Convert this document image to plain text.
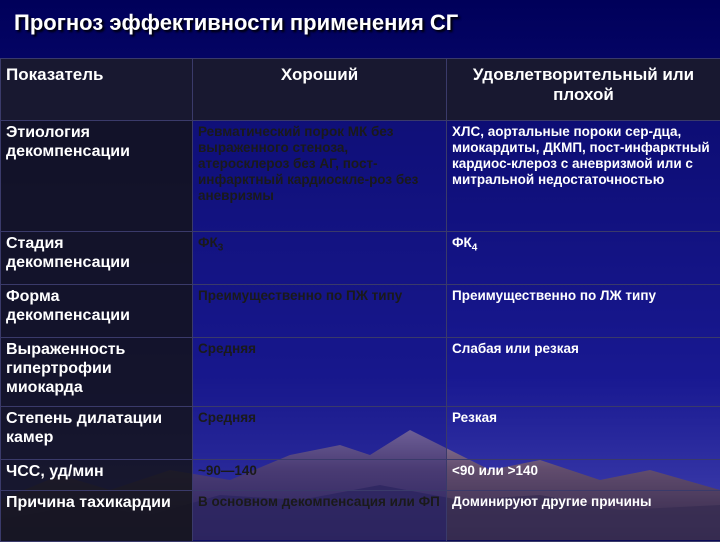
Прогноз эффективности применения СГ
Показатель	Хороший	Удовлетворительный или плохой
Этиология декомпенсации	Ревматический порок МК без выраженного стеноза, атеросклероз без АГ, пост-инфарктный кардиоскле-роз без аневризмы	ХЛС, аортальные пороки сер-дца, миокардиты, ДКМП, пост-инфарктный кардиос-клероз с аневризмой или с митральной недостаточностью
Стадия декомпенсации	$ФК_3$	$ФК_4$
Форма декомпенсации	Преимущественно по ПЖ типу	Преимущественно по ЛЖ типу
Выраженность гипертрофии миокарда	Средняя	Слабая или резкая
Степень дилатации камер	Средняя	Резкая
ЧСС, уд/мин	~90—140	<90 или >140
Причина тахикардии	В основном декомпенсация или ФП	Доминируют другие причины
